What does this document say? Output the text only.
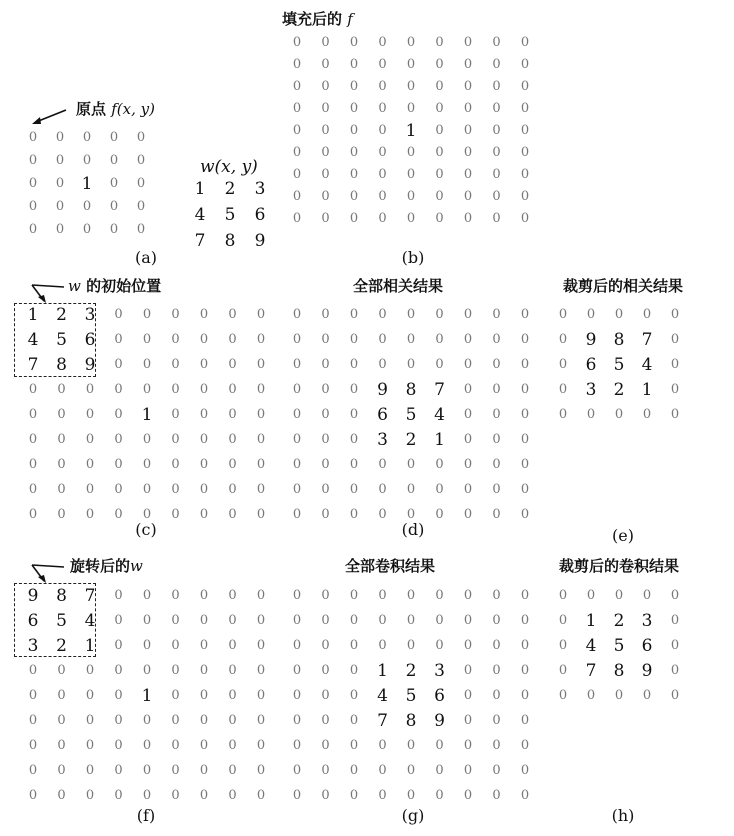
填充后的 f
原点 f(x, y)
w(x, y)
w 的初始位置	全部相关结果	裁剪后的相关结果
旋转后的w	全部卷积结果	裁剪后的卷积结果
0	0	0	0	0
0	0	0	0	0
0	0	1	0	0
0	0	0	0	0
0	0	0	0	0
1	2	3
4	5	6
7	8	9
0	0	0	0	0	0	0	0	0
0	0	0	0	0	0	0	0	0
0	0	0	0	0	0	0	0	0
0	0	0	0	0	0	0	0	0
0	0	0	0	1	0	0	0	0
0	0	0	0	0	0	0	0	0
0	0	0	0	0	0	0	0	0
0	0	0	0	0	0	0	0	0
0	0	0	0	0	0	0	0	0
1	2	3	0	0	0	0	0	0
4	5	6	0	0	0	0	0	0
7	8	9	0	0	0	0	0	0
0	0	0	0	0	0	0	0	0
0	0	0	0	1	0	0	0	0
0	0	0	0	0	0	0	0	0
0	0	0	0	0	0	0	0	0
0	0	0	0	0	0	0	0	0
0	0	0	0	0	0	0	0	0
0	0	0	0	0	0	0	0	0
0	0	0	0	0	0	0	0	0
0	0	0	0	0	0	0	0	0
0	0	0	9	8	7	0	0	0
0	0	0	6	5	4	0	0	0
0	0	0	3	2	1	0	0	0
0	0	0	0	0	0	0	0	0
0	0	0	0	0	0	0	0	0
0	0	0	0	0	0	0	0	0
0	0	0	0	0
0	9	8	7	0
0	6	5	4	0
0	3	2	1	0
0	0	0	0	0
9	8	7	0	0	0	0	0	0
6	5	4	0	0	0	0	0	0
3	2	1	0	0	0	0	0	0
0	0	0	0	0	0	0	0	0
0	0	0	0	1	0	0	0	0
0	0	0	0	0	0	0	0	0
0	0	0	0	0	0	0	0	0
0	0	0	0	0	0	0	0	0
0	0	0	0	0	0	0	0	0
0	0	0	0	0	0	0	0	0
0	0	0	0	0	0	0	0	0
0	0	0	0	0	0	0	0	0
0	0	0	1	2	3	0	0	0
0	0	0	4	5	6	0	0	0
0	0	0	7	8	9	0	0	0
0	0	0	0	0	0	0	0	0
0	0	0	0	0	0	0	0	0
0	0	0	0	0	0	0	0	0
0	0	0	0	0
0	1	2	3	0
0	4	5	6	0
0	7	8	9	0
0	0	0	0	0
(a)	(b)
(c)	(d)	(e)
(f)	(g)	(h)
